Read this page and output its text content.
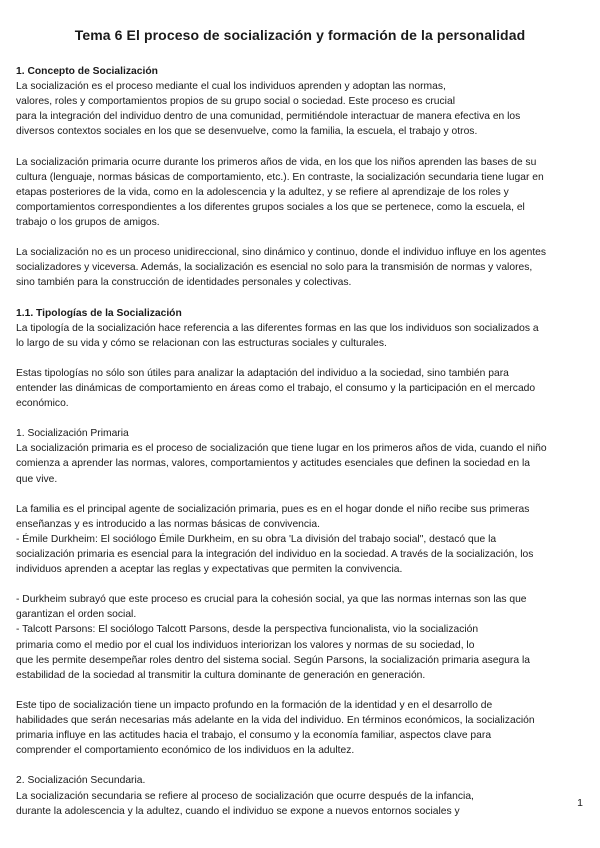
Tema 6 El proceso de socialización y formación de la personalidad
1. Concepto de Socialización

La socialización es el proceso mediante el cual los individuos aprenden y adoptan las normas,
valores, roles y comportamientos propios de su grupo social o sociedad. Este proceso es crucial
para la integración del individuo dentro de una comunidad, permitiéndole interactuar de manera efectiva en los
diversos contextos sociales en los que se desenvuelve, como la familia, la escuela, el trabajo y otros.

La socialización primaria ocurre durante los primeros años de vida, en los que los niños aprenden las bases de su
cultura (lenguaje, normas básicas de comportamiento, etc.). En contraste, la socialización secundaria tiene lugar en
etapas posteriores de la vida, como en la adolescencia y la adultez, y se refiere al aprendizaje de los roles y
comportamientos correspondientes a los diferentes grupos sociales a los que se pertenece, como la escuela, el
trabajo o los grupos de amigos.

La socialización no es un proceso unidireccional, sino dinámico y continuo, donde el individuo influye en los agentes
socializadores y viceversa. Además, la socialización es esencial no solo para la transmisión de normas y valores,
sino también para la construcción de identidades personales y colectivas.

1.1. Tipologías de la Socialización

La tipología de la socialización hace referencia a las diferentes formas en las que los individuos son socializados a
lo largo de su vida y cómo se relacionan con las estructuras sociales y culturales.

Estas tipologías no sólo son útiles para analizar la adaptación del individuo a la sociedad, sino también para
entender las dinámicas de comportamiento en áreas como el trabajo, el consumo y la participación en el mercado
económico.

1. Socialización Primaria

La socialización primaria es el proceso de socialización que tiene lugar en los primeros años de vida, cuando el niño
comienza a aprender las normas, valores, comportamientos y actitudes esenciales que definen la sociedad en la
que vive.

La familia es el principal agente de socialización primaria, pues es en el hogar donde el niño recibe sus primeras
enseñanzas y es introducido a las normas básicas de convivencia.
- Émile Durkheim: El sociólogo Émile Durkheim, en su obra 'La división del trabajo social", destacó que la
socialización primaria es esencial para la integración del individuo en la sociedad. A través de la socialización, los
individuos aprenden a aceptar las reglas y expectativas que permiten la convivencia.

- Durkheim subrayó que este proceso es crucial para la cohesión social, ya que las normas internas son las que
garantizan el orden social.
- Talcott Parsons: El sociólogo Talcott Parsons, desde la perspectiva funcionalista, vio la socialización
primaria como el medio por el cual los individuos interiorizan los valores y normas de su sociedad, lo
que les permite desempeñar roles dentro del sistema social. Según Parsons, la socialización primaria asegura la
estabilidad de la sociedad al transmitir la cultura dominante de generación en generación.

Este tipo de socialización tiene un impacto profundo en la formación de la identidad y en el desarrollo de
habilidades que serán necesarias más adelante en la vida del individuo. En términos económicos, la socialización
primaria influye en las actitudes hacia el trabajo, el consumo y la economía familiar, aspectos clave para
comprender el comportamiento económico de los individuos en la adultez.

2. Socialización Secundaria.

La socialización secundaria se refiere al proceso de socialización que ocurre después de la infancia,
durante la adolescencia y la adultez, cuando el individuo se expone a nuevos entornos sociales y

1
